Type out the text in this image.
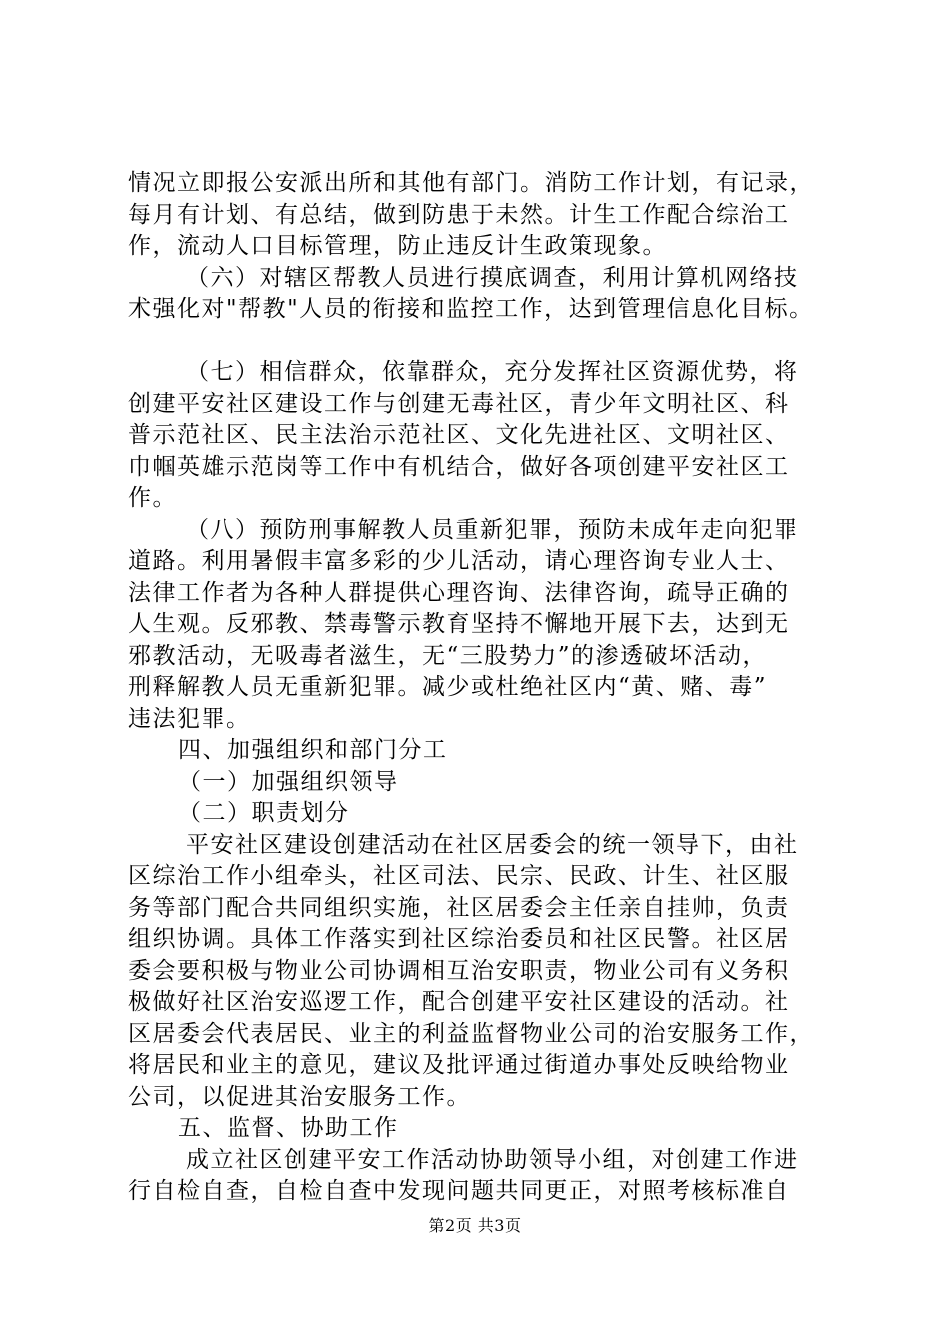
情况立即报公安派出所和其他有部门。消防工作计划，有记录，
每月有计划、有总结，做到防患于未然。计生工作配合综治工
作，流动人口目标管理，防止违反计生政策现象。
（六）对辖区帮教人员进行摸底调查，利用计算机网络技
术强化对"帮教"人员的衔接和监控工作，达到管理信息化目标。
（七）相信群众，依靠群众，充分发挥社区资源优势，将
创建平安社区建设工作与创建无毒社区，青少年文明社区、科
普示范社区、民主法治示范社区、文化先进社区、文明社区、
巾帼英雄示范岗等工作中有机结合，做好各项创建平安社区工
作。
（八）预防刑事解教人员重新犯罪，预防未成年走向犯罪
道路。利用暑假丰富多彩的少儿活动，请心理咨询专业人士、
法律工作者为各种人群提供心理咨询、法律咨询，疏导正确的
人生观。反邪教、禁毒警示教育坚持不懈地开展下去，达到无
邪教活动，无吸毒者滋生，无“三股势力”的渗透破坏活动，
刑释解教人员无重新犯罪。减少或杜绝社区内“黄、赌、毒”
违法犯罪。
四、加强组织和部门分工
（一）加强组织领导
（二）职责划分
平安社区建设创建活动在社区居委会的统一领导下，由社
区综治工作小组牵头，社区司法、民宗、民政、计生、社区服
务等部门配合共同组织实施，社区居委会主任亲自挂帅，负责
组织协调。具体工作落实到社区综治委员和社区民警。社区居
委会要积极与物业公司协调相互治安职责，物业公司有义务积
极做好社区治安巡逻工作，配合创建平安社区建设的活动。社
区居委会代表居民、业主的利益监督物业公司的治安服务工作，
将居民和业主的意见，建议及批评通过街道办事处反映给物业
公司，以促进其治安服务工作。
五、监督、协助工作
成立社区创建平安工作活动协助领导小组，对创建工作进
行自检自查，自检自查中发现问题共同更正，对照考核标准自
第2页 共3页
